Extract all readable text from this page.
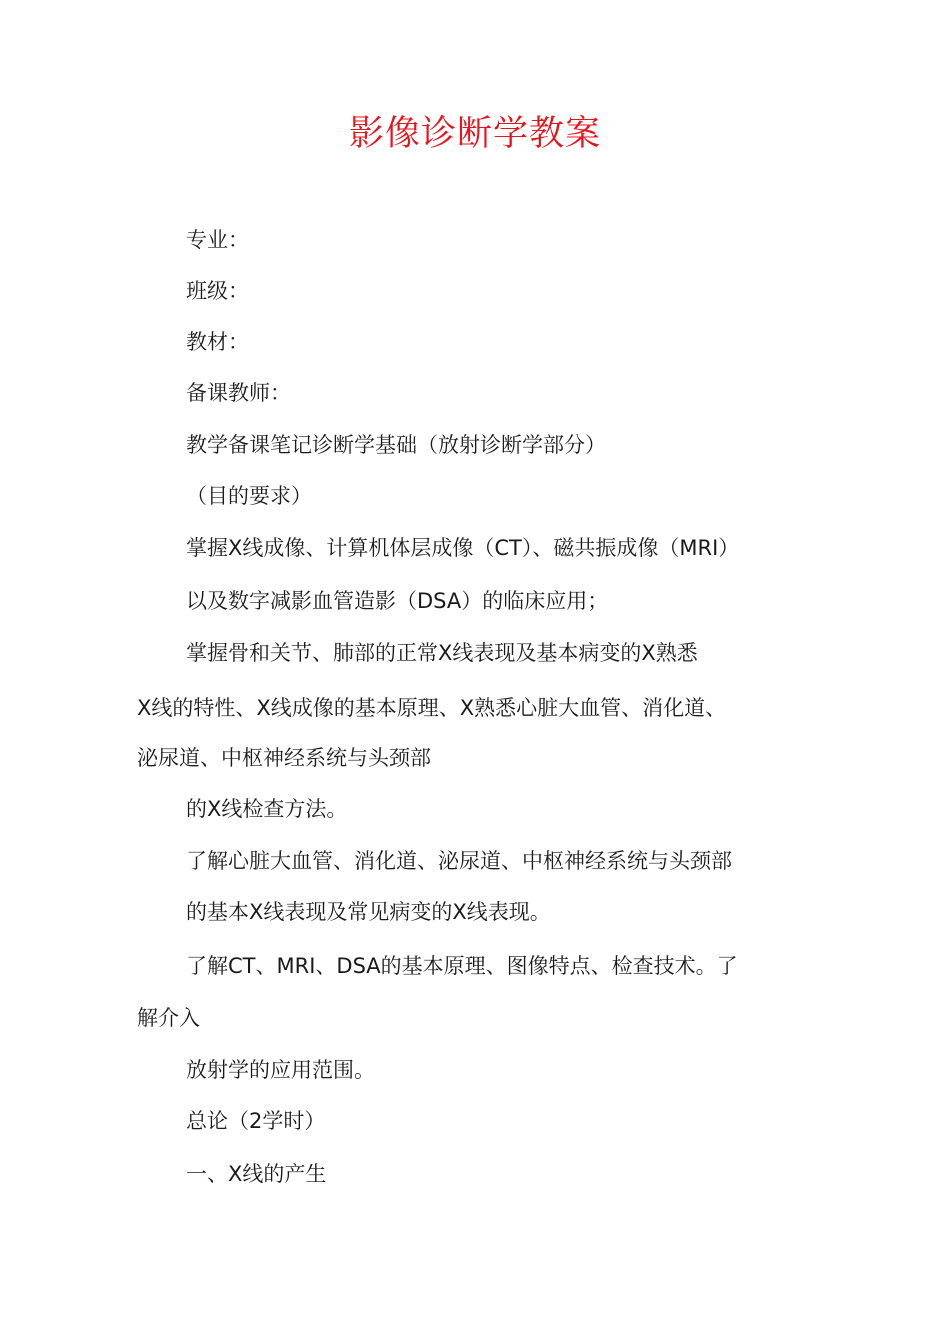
影像诊断学教案
专业：
班级：
教材：
备课教师：
教学备课笔记诊断学基础（放射诊断学部分）
（目的要求）
掌握X线成像、计算机体层成像（CT）、磁共振成像（MRI）
以及数字减影血管造影（DSA）的临床应用；
掌握骨和关节、肺部的正常X线表现及基本病变的X熟悉
X线的特性、X线成像的基本原理、X熟悉心脏大血管、消化道、
泌尿道、中枢神经系统与头颈部
的X线检查方法。
了解心脏大血管、消化道、泌尿道、中枢神经系统与头颈部
的基本X线表现及常见病变的X线表现。
了解CT、MRI、DSA的基本原理、图像特点、检查技术。了
解介入
放射学的应用范围。
总论（2学时）
一、X线的产生
